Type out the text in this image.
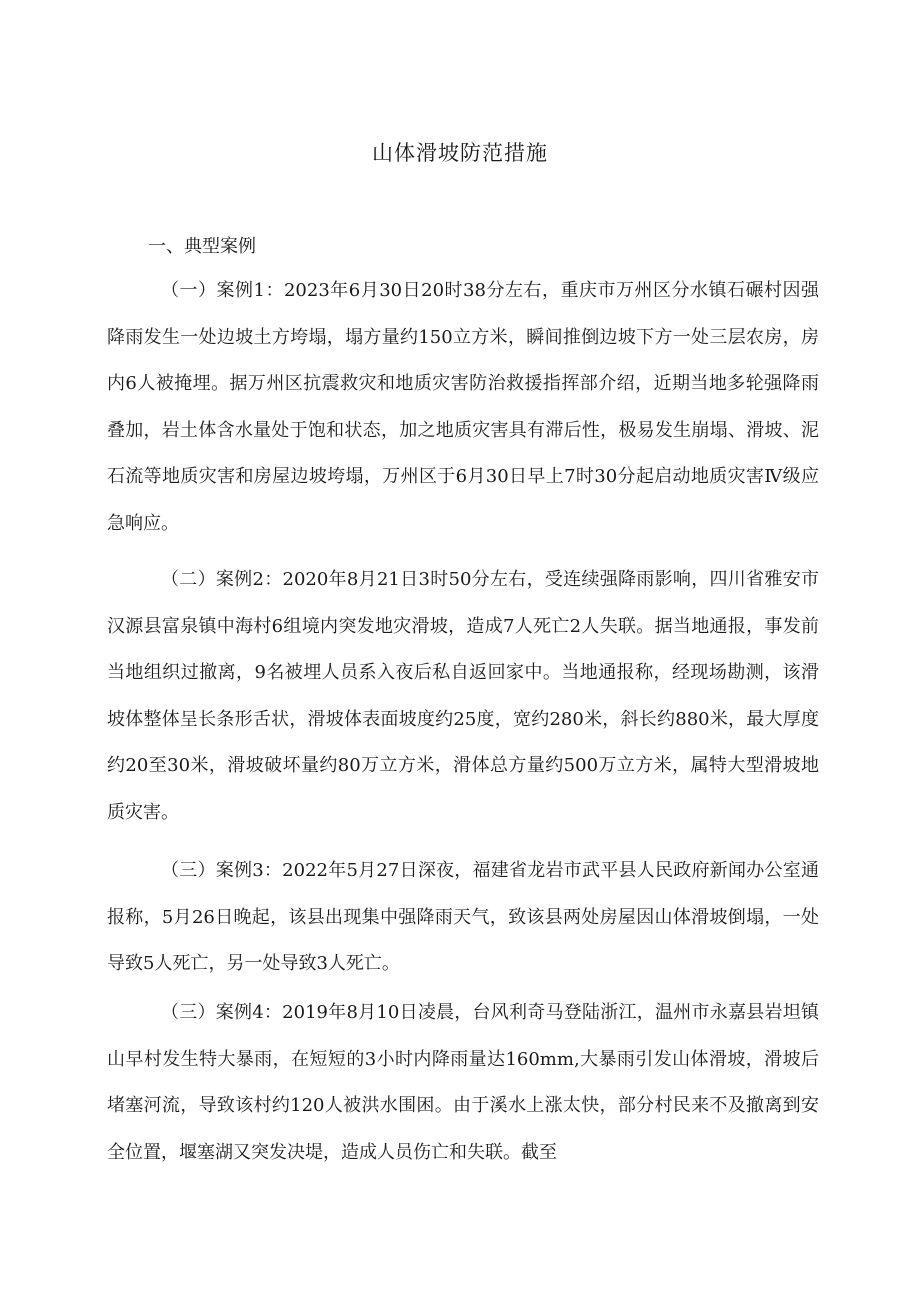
山体滑坡防范措施
一、典型案例

（一）案例1：2023年6月30日20时38分左右，重庆市万州区分水镇石碾村因强降雨发生一处边坡土方垮塌，塌方量约150立方米，瞬间推倒边坡下方一处三层农房，房内6人被掩埋。据万州区抗震救灾和地质灾害防治救援指挥部介绍，近期当地多轮强降雨叠加，岩土体含水量处于饱和状态，加之地质灾害具有滞后性，极易发生崩塌、滑坡、泥石流等地质灾害和房屋边坡垮塌，万州区于6月30日早上7时30分起启动地质灾害Ⅳ级应急响应。

（二）案例2：2020年8月21日3时50分左右，受连续强降雨影响，四川省雅安市汉源县富泉镇中海村6组境内突发地灾滑坡，造成7人死亡2人失联。据当地通报，事发前当地组织过撤离，9名被埋人员系入夜后私自返回家中。当地通报称，经现场勘测，该滑坡体整体呈长条形舌状，滑坡体表面坡度约25度，宽约280米，斜长约880米，最大厚度约20至30米，滑坡破坏量约80万立方米，滑体总方量约500万立方米，属特大型滑坡地质灾害。

（三）案例3：2022年5月27日深夜，福建省龙岩市武平县人民政府新闻办公室通报称，5月26日晚起，该县出现集中强降雨天气，致该县两处房屋因山体滑坡倒塌，一处导致5人死亡，另一处导致3人死亡。

（三）案例4：2019年8月10日凌晨，台风利奇马登陆浙江，温州市永嘉县岩坦镇山早村发生特大暴雨，在短短的3小时内降雨量达160mm,大暴雨引发山体滑坡，滑坡后堵塞河流，导致该村约120人被洪水围困。由于溪水上涨太快，部分村民来不及撤离到安全位置，堰塞湖又突发决堤，造成人员伤亡和失联。截至
